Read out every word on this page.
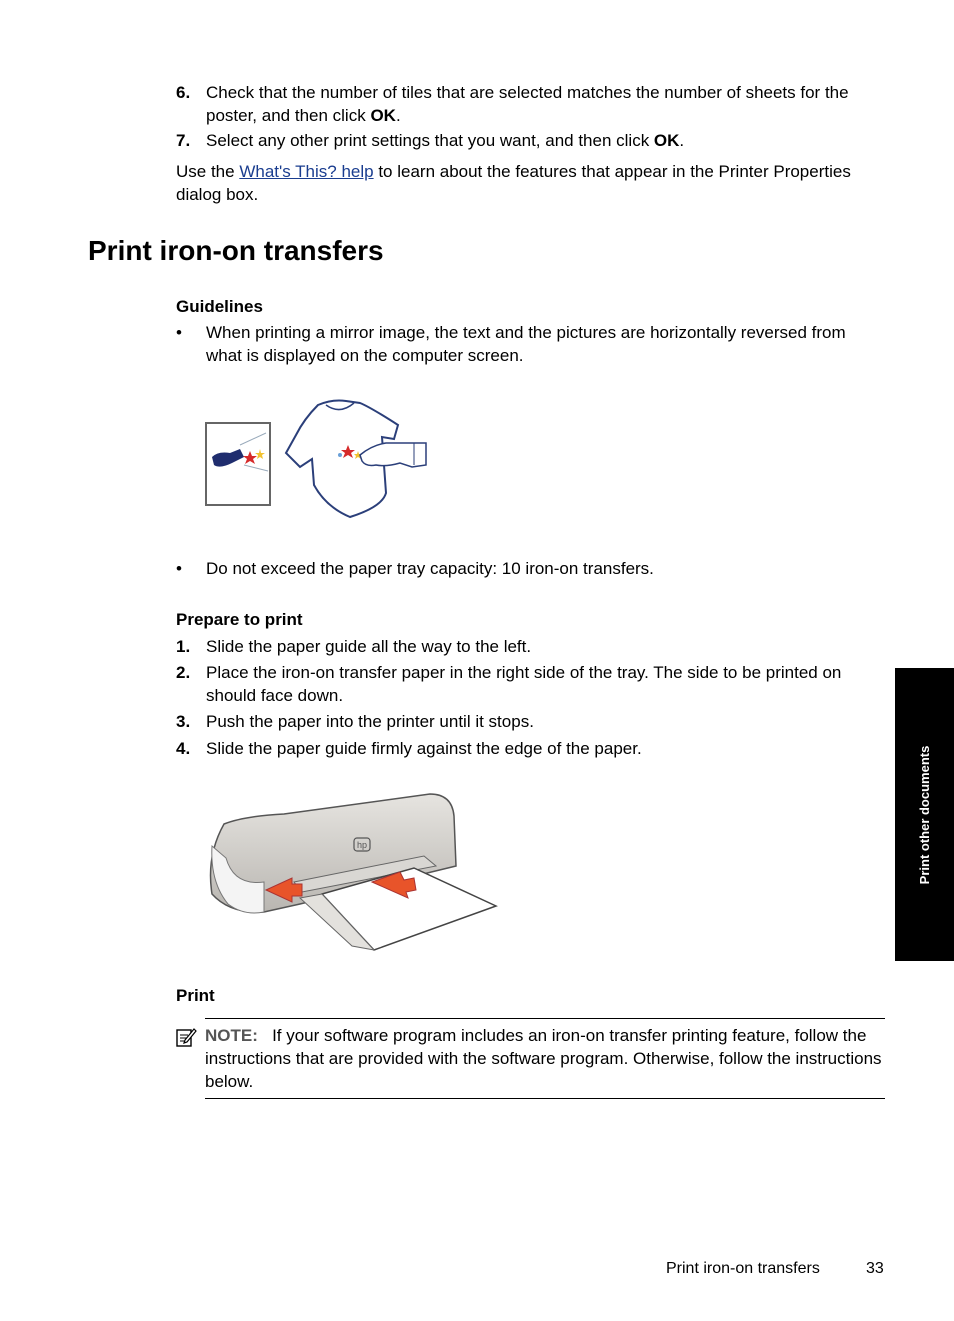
6. Check that the number of tiles that are selected matches the number of sheets for the poster, and then click OK.
7. Select any other print settings that you want, and then click OK.
Use the What's This? help to learn about the features that appear in the Printer Properties dialog box.
Print iron-on transfers
Guidelines
• When printing a mirror image, the text and the pictures are horizontally reversed from what is displayed on the computer screen.
• Do not exceed the paper tray capacity: 10 iron-on transfers.
Prepare to print
1. Slide the paper guide all the way to the left.
2. Place the iron-on transfer paper in the right side of the tray. The side to be printed on should face down.
3. Push the paper into the printer until it stops.
4. Slide the paper guide firmly against the edge of the paper.
hp
Print
NOTE: If your software program includes an iron-on transfer printing feature, follow the instructions that are provided with the software program. Otherwise, follow the instructions below.
Print other documents
Print iron-on transfers	33
